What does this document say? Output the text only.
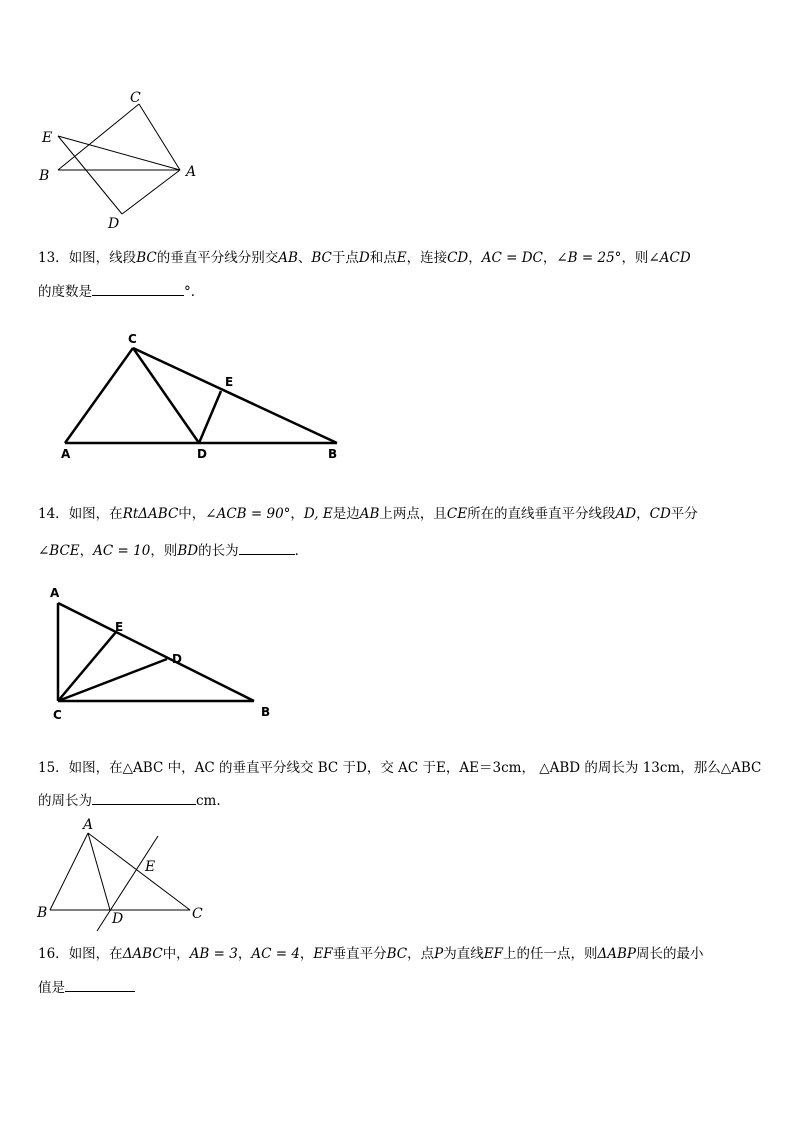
C
E
B	A
D
13．如图，线段BC的垂直平分线分别交AB、BC于点D和点E，连接CD，AC = DC，∠B = 25°，则∠ACD
的度数是	°．
C
E
A	D	B
14．如图，在RtΔABC中，∠ACB = 90°，D, E是边AB上两点，且CE所在的直线垂直平分线段AD，CD平分
∠BCE，AC = 10，则BD的长为	．
A
E
D
C	B
15．如图，在△ABC 中，AC 的垂直平分线交 BC 于D，交 AC 于E，AE＝3cm， △ABD 的周长为 13cm，那么△ABC
的周长为	cm.
A
E
B	D	C
16．如图，在ΔABC中，AB = 3，AC = 4，EF垂直平分BC，点P为直线EF上的任一点，则ΔABP周长的最小
值是
